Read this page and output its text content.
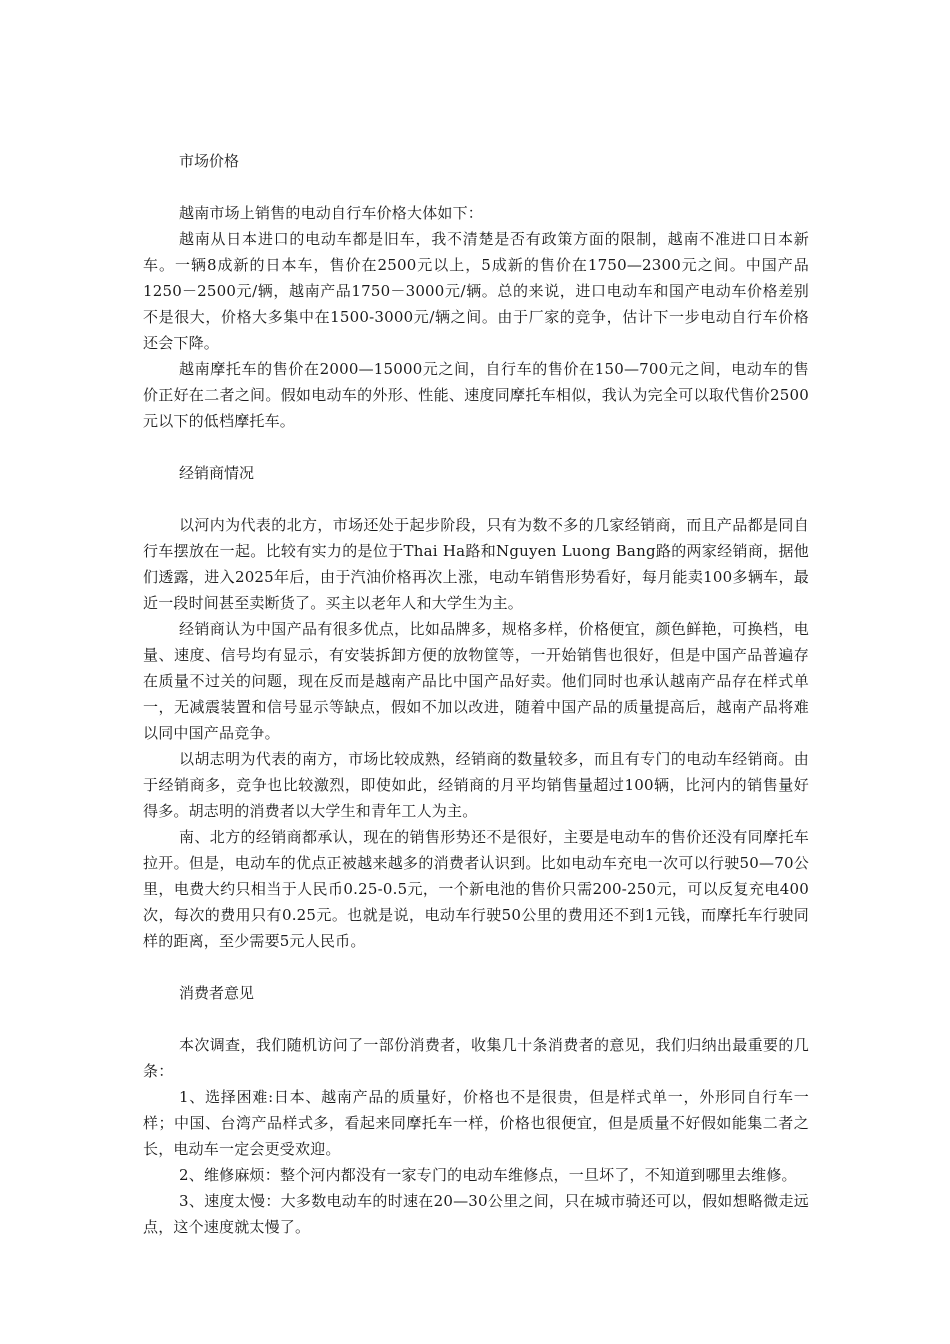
市场价格

越南市场上销售的电动自行车价格大体如下：

越南从日本进口的电动车都是旧车，我不清楚是否有政策方面的限制，越南不准进口日本新车。一辆8成新的日本车，售价在2500元以上，5成新的售价在1750—2300元之间。中国产品1250－2500元/辆，越南产品1750－3000元/辆。总的来说，进口电动车和国产电动车价格差别不是很大，价格大多集中在1500-3000元/辆之间。由于厂家的竞争，估计下一步电动自行车价格还会下降。

越南摩托车的售价在2000—15000元之间，自行车的售价在150—700元之间，电动车的售价正好在二者之间。假如电动车的外形、性能、速度同摩托车相似，我认为完全可以取代售价2500元以下的低档摩托车。

经销商情况

以河内为代表的北方，市场还处于起步阶段，只有为数不多的几家经销商，而且产品都是同自行车摆放在一起。比较有实力的是位于Thai Ha路和Nguyen Luong Bang路的两家经销商，据他们透露，进入2025年后，由于汽油价格再次上涨，电动车销售形势看好，每月能卖100多辆车，最近一段时间甚至卖断货了。买主以老年人和大学生为主。

经销商认为中国产品有很多优点，比如品牌多，规格多样，价格便宜，颜色鲜艳，可换档，电量、速度、信号均有显示，有安装拆卸方便的放物筐等，一开始销售也很好，但是中国产品普遍存在质量不过关的问题，现在反而是越南产品比中国产品好卖。他们同时也承认越南产品存在样式单一，无减震装置和信号显示等缺点，假如不加以改进，随着中国产品的质量提高后，越南产品将难以同中国产品竞争。

以胡志明为代表的南方，市场比较成熟，经销商的数量较多，而且有专门的电动车经销商。由于经销商多，竞争也比较激烈，即使如此，经销商的月平均销售量超过100辆，比河内的销售量好得多。胡志明的消费者以大学生和青年工人为主。

南、北方的经销商都承认，现在的销售形势还不是很好，主要是电动车的售价还没有同摩托车拉开。但是，电动车的优点正被越来越多的消费者认识到。比如电动车充电一次可以行驶50—70公里，电费大约只相当于人民币0.25-0.5元，一个新电池的售价只需200-250元，可以反复充电400次，每次的费用只有0.25元。也就是说，电动车行驶50公里的费用还不到1元钱，而摩托车行驶同样的距离，至少需要5元人民币。

消费者意见

本次调查，我们随机访问了一部份消费者，收集几十条消费者的意见，我们归纳出最重要的几条：

1、选择困难:日本、越南产品的质量好，价格也不是很贵，但是样式单一，外形同自行车一样；中国、台湾产品样式多，看起来同摩托车一样，价格也很便宜，但是质量不好假如能集二者之长，电动车一定会更受欢迎。

2、维修麻烦：整个河内都没有一家专门的电动车维修点，一旦坏了，不知道到哪里去维修。

3、速度太慢：大多数电动车的时速在20—30公里之间，只在城市骑还可以，假如想略微走远点，这个速度就太慢了。
